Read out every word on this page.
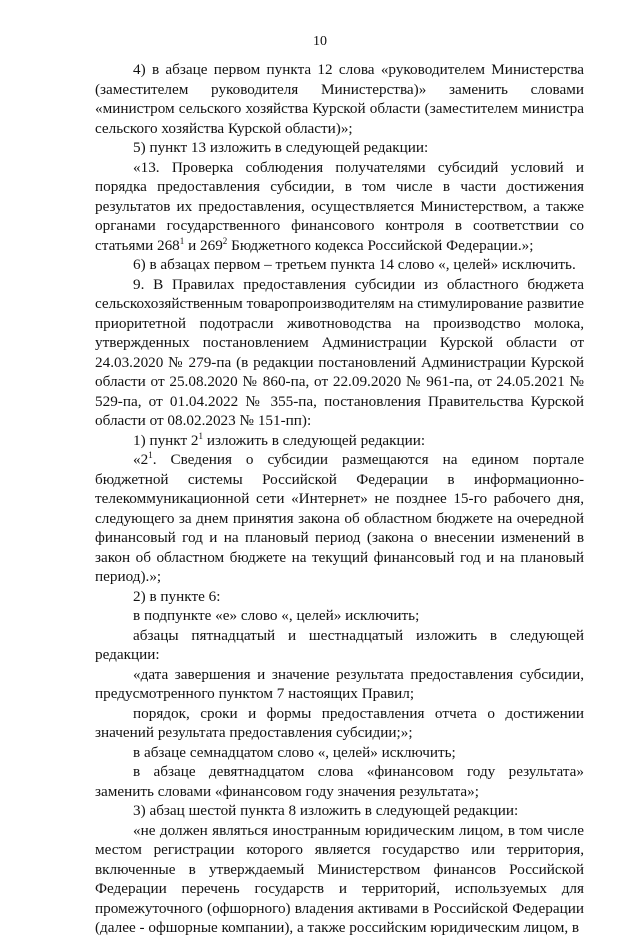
10

4) в абзаце первом пункта 12 слова «руководителем Министерства (заместителем руководителя Министерства)» заменить словами «министром сельского хозяйства Курской области (заместителем министра сельского хозяйства Курской области)»;

5) пункт 13 изложить в следующей редакции:

«13. Проверка соблюдения получателями субсидий условий и порядка предоставления субсидии, в том числе в части достижения результатов их предоставления, осуществляется Министерством, а также органами государственного финансового контроля в соответствии со статьями $268^1$ и $269^2$ Бюджетного кодекса Российской Федерации.»;

6) в абзацах первом – третьем пункта 14 слово «, целей» исключить.

9. В Правилах предоставления субсидии из областного бюджета сельскохозяйственным товаропроизводителям на стимулирование развитие приоритетной подотрасли животноводства на производство молока, утвержденных постановлением Администрации Курской области от 24.03.2020 № 279-па (в редакции постановлений Администрации Курской области от 25.08.2020 № 860-па, от 22.09.2020 № 961-па, от 24.05.2021 № 529-па, от 01.04.2022 № 355-па, постановления Правительства Курской области от 08.02.2023 № 151-пп):

1) пункт $2^1$ изложить в следующей редакции:

«$2^1$. Сведения о субсидии размещаются на едином портале бюджетной системы Российской Федерации в информационно-телекоммуникационной сети «Интернет» не позднее 15-го рабочего дня, следующего за днем принятия закона об областном бюджете на очередной финансовый год и на плановый период (закона о внесении изменений в закон об областном бюджете на текущий финансовый год и на плановый период).»;

2) в пункте 6:

в подпункте «е» слово «, целей» исключить;

абзацы пятнадцатый и шестнадцатый изложить в следующей редакции:

«дата завершения и значение результата предоставления субсидии, предусмотренного пунктом 7 настоящих Правил;

порядок, сроки и формы предоставления отчета о достижении значений результата предоставления субсидии;»;

в абзаце семнадцатом слово «, целей» исключить;

в абзаце девятнадцатом слова «финансовом году результата» заменить словами «финансовом году значения результата»;

3) абзац шестой пункта 8 изложить в следующей редакции:

«не должен являться иностранным юридическим лицом, в том числе местом регистрации которого является государство или территория, включенные в утверждаемый Министерством финансов Российской Федерации перечень государств и территорий, используемых для промежуточного (офшорного) владения активами в Российской Федерации (далее - офшорные компании), а также российским юридическим лицом, в
